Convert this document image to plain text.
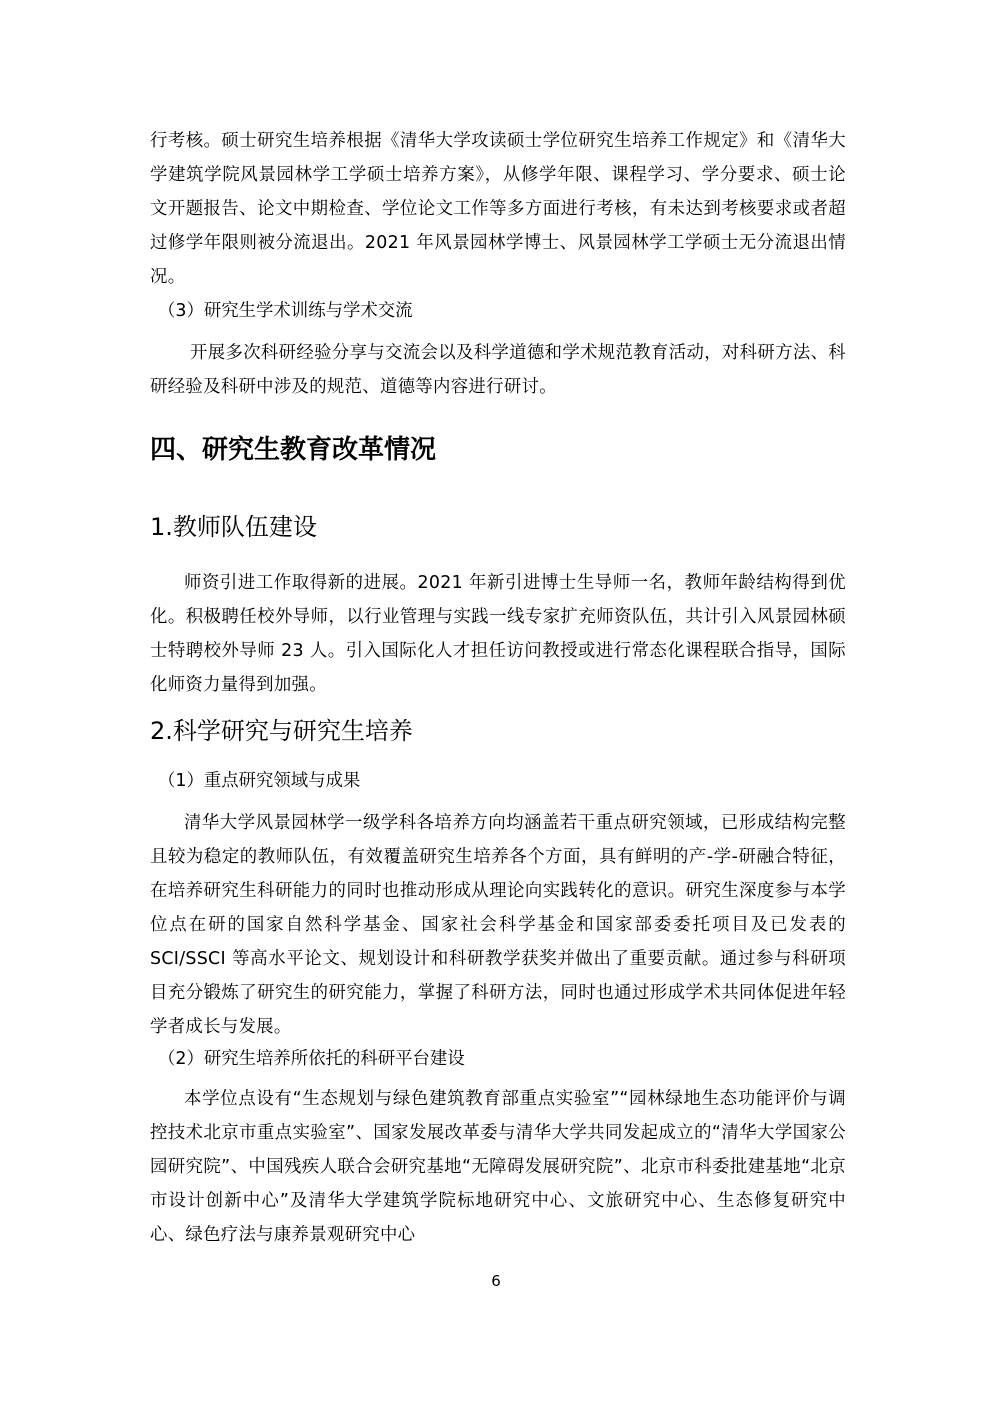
行考核。硕士研究生培养根据《清华大学攻读硕士学位研究生培养工作规定》和《清华大学建筑学院风景园林学工学硕士培养方案》，从修学年限、课程学习、学分要求、硕士论文开题报告、论文中期检查、学位论文工作等多方面进行考核，有未达到考核要求或者超过修学年限则被分流退出。2021 年风景园林学博士、风景园林学工学硕士无分流退出情况。

（3）研究生学术训练与学术交流

开展多次科研经验分享与交流会以及科学道德和学术规范教育活动，对科研方法、科研经验及科研中涉及的规范、道德等内容进行研讨。

四、研究生教育改革情况
1.教师队伍建设

师资引进工作取得新的进展。2021 年新引进博士生导师一名，教师年龄结构得到优化。积极聘任校外导师，以行业管理与实践一线专家扩充师资队伍，共计引入风景园林硕士特聘校外导师 23 人。引入国际化人才担任访问教授或进行常态化课程联合指导，国际化师资力量得到加强。

2.科学研究与研究生培养
（1）重点研究领域与成果

清华大学风景园林学一级学科各培养方向均涵盖若干重点研究领域，已形成结构完整且较为稳定的教师队伍，有效覆盖研究生培养各个方面，具有鲜明的产-学-研融合特征，在培养研究生科研能力的同时也推动形成从理论向实践转化的意识。研究生深度参与本学位点在研的国家自然科学基金、国家社会科学基金和国家部委委托项目及已发表的 SCI/SSCI 等高水平论文、规划设计和科研教学获奖并做出了重要贡献。通过参与科研项目充分锻炼了研究生的研究能力，掌握了科研方法，同时也通过形成学术共同体促进年轻学者成长与发展。

（2）研究生培养所依托的科研平台建设

本学位点设有“生态规划与绿色建筑教育部重点实验室”“园林绿地生态功能评价与调控技术北京市重点实验室”、国家发展改革委与清华大学共同发起成立的“清华大学国家公园研究院”、中国残疾人联合会研究基地“无障碍发展研究院”、北京市科委批建基地“北京市设计创新中心”及清华大学建筑学院标地研究中心、文旅研究中心、生态修复研究中心、绿色疗法与康养景观研究中心

6
